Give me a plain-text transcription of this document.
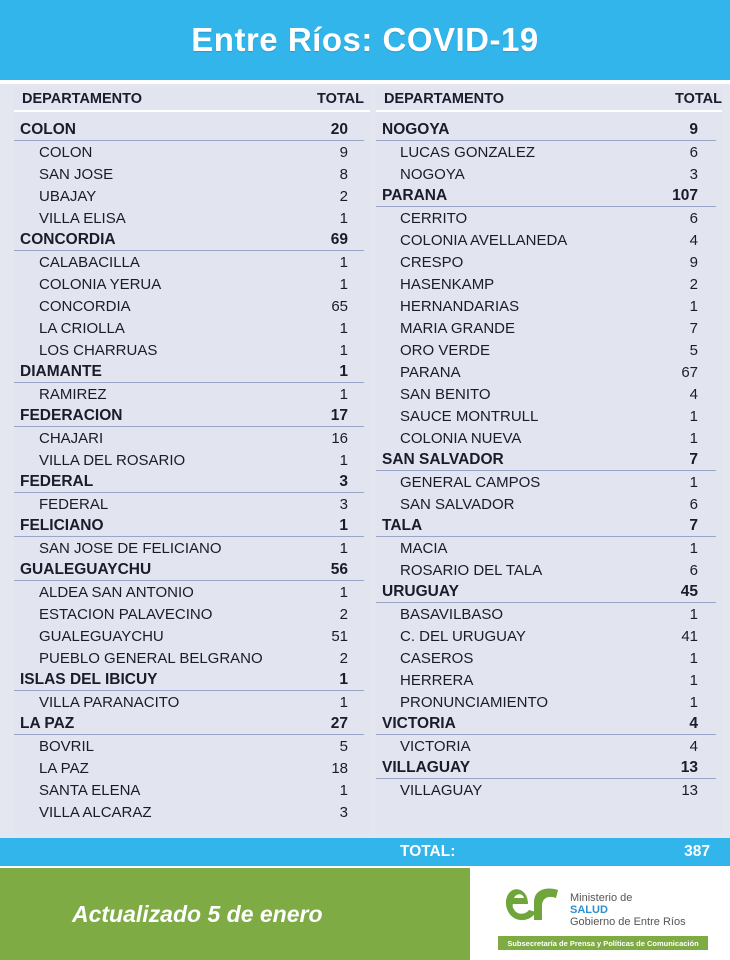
Entre Ríos: COVID-19
DEPARTAMENTO	TOTAL
COLON	20
COLON	9
SAN JOSE	8
UBAJAY	2
VILLA ELISA	1
CONCORDIA	69
CALABACILLA	1
COLONIA YERUA	1
CONCORDIA	65
LA CRIOLLA	1
LOS CHARRUAS	1
DIAMANTE	1
RAMIREZ	1
FEDERACION	17
CHAJARI	16
VILLA DEL ROSARIO	1
FEDERAL	3
FEDERAL	3
FELICIANO	1
SAN JOSE DE FELICIANO	1
GUALEGUAYCHU	56
ALDEA SAN ANTONIO	1
ESTACION PALAVECINO	2
GUALEGUAYCHU	51
PUEBLO GENERAL BELGRANO	2
ISLAS DEL IBICUY	1
VILLA PARANACITO	1
LA PAZ	27
BOVRIL	5
LA PAZ	18
SANTA ELENA	1
VILLA ALCARAZ	3
DEPARTAMENTO	TOTAL
NOGOYA	9
LUCAS GONZALEZ	6
NOGOYA	3
PARANA	107
CERRITO	6
COLONIA AVELLANEDA	4
CRESPO	9
HASENKAMP	2
HERNANDARIAS	1
MARIA GRANDE	7
ORO VERDE	5
PARANA	67
SAN BENITO	4
SAUCE MONTRULL	1
COLONIA NUEVA	1
SAN SALVADOR	7
GENERAL CAMPOS	1
SAN SALVADOR	6
TALA	7
MACIA	1
ROSARIO DEL TALA	6
URUGUAY	45
BASAVILBASO	1
C. DEL URUGUAY	41
CASEROS	1
HERRERA	1
PRONUNCIAMIENTO	1
VICTORIA	4
VICTORIA	4
VILLAGUAY	13
VILLAGUAY	13
TOTAL:	387
Actualizado 5 de enero
Ministerio de
SALUD
Gobierno de Entre Ríos
Subsecretaría de Prensa y Políticas de Comunicación
